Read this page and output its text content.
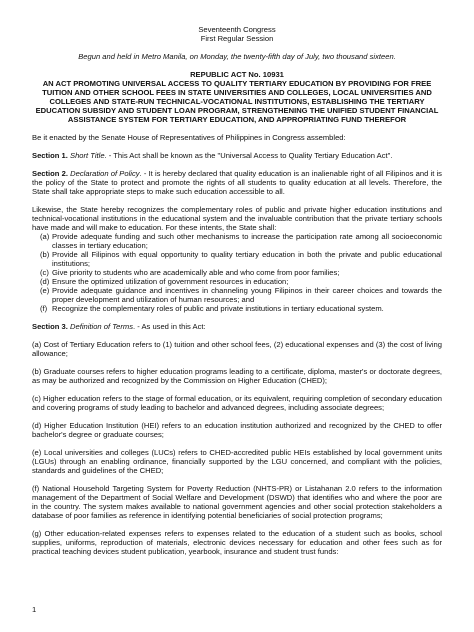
Seventeenth Congress
First Regular Session
Begun and held in Metro Manila, on Monday, the twenty-fifth day of July, two thousand sixteen.
REPUBLIC ACT No. 10931
AN ACT PROMOTING UNIVERSAL ACCESS TO QUALITY TERTIARY EDUCATION BY PROVIDING FOR FREE TUITION AND OTHER SCHOOL FEES IN STATE UNIVERSITIES AND COLLEGES, LOCAL UNIVERSITIES AND COLLEGES AND STATE-RUN TECHNICAL-VOCATIONAL INSTITUTIONS, ESTABLISHING THE TERTIARY EDUCATION SUBSIDY AND STUDENT LOAN PROGRAM, STRENGTHENING THE UNIFIED STUDENT FINANCIAL ASSISTANCE SYSTEM FOR TERTIARY EDUCATION, AND APPROPRIATING FUND THEREFOR

Be it enacted by the Senate House of Representatives of Philippines in Congress assembled:

Section 1. Short Title. - This Act shall be known as the "Universal Access to Quality Tertiary Education Act".

Section 2. Declaration of Policy. - It is hereby declared that quality education is an inalienable right of all Filipinos and it is the policy of the State to protect and promote the rights of all students to quality education at all levels. Therefore, the State shall take appropriate steps to make such education accessible to all.

Likewise, the State hereby recognizes the complementary roles of public and private higher education institutions and technical-vocational institutions in the educational system and the invaluable contribution that the private tertiary schools have made and will make to education. For these intents, the State shall:

(a) Provide adequate funding and such other mechanisms to increase the participation rate among all socioeconomic classes in tertiary education;
(b) Provide all Filipinos with equal opportunity to quality tertiary education in both the private and public educational institutions;
(c) Give priority to students who are academically able and who come from poor families;
(d) Ensure the optimized utilization of government resources in education;
(e) Provide adequate guidance and incentives in channeling young Filipinos in their career choices and towards the proper development and utilization of human resources; and
(f) Recognize the complementary roles of public and private institutions in tertiary educational system.

Section 3. Definition of Terms. - As used in this Act:

(a) Cost of Tertiary Education refers to (1) tuition and other school fees, (2) educational expenses and (3) the cost of living allowance;

(b) Graduate courses refers to higher education programs leading to a certificate, diploma, master's or doctorate degrees, as may be authorized and recognized by the Commission on Higher Education (CHED);

(c) Higher education refers to the stage of formal education, or its equivalent, requiring completion of secondary education and covering programs of study leading to bachelor and advanced degrees, including associate degrees;

(d) Higher Education Institution (HEI) refers to an education institution authorized and recognized by the CHED to offer bachelor's degree or graduate courses;

(e) Local universities and colleges (LUCs) refers to CHED-accredited public HEIs established by local government units (LGUs) through an enabling ordinance, financially supported by the LGU concerned, and compliant with the policies, standards and guidelines of the CHED;

(f) National Household Targeting System for Poverty Reduction (NHTS-PR) or Listahanan 2.0 refers to the information management of the Department of Social Welfare and Development (DSWD) that identifies who and where the poor are in the country. The system makes available to national government agencies and other social protection stakeholders a database of poor families as reference in identifying potential beneficiaries of social protection programs;

(g) Other education-related expenses refers to expenses related to the education of a student such as books, school supplies, uniforms, reproduction of materials, electronic devices necessary for education and other fees such as for practical teaching devices student publication, yearbook, insurance and student trust funds:

1
